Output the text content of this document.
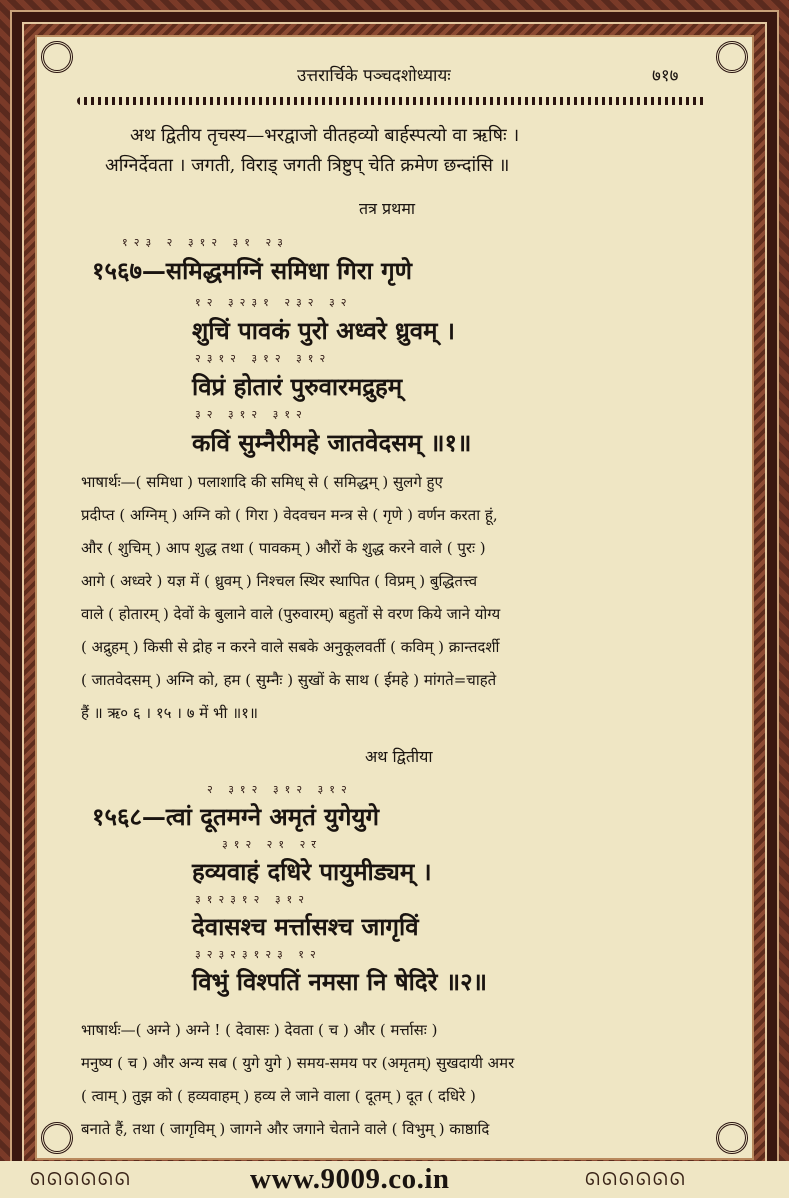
उत्तरार्चिके पञ्चदशोध्यायः	७१७
अथ द्वितीय तृचस्य—भरद्वाजो वीतहव्यो बार्हस्पत्यो वा ऋषिः ।
अग्निर्देवता । जगती, विराड् जगती त्रिष्टुप् चेति क्रमेण छन्दांसि ॥
तत्र प्रथमा
१२३ २ ३१२ ३१ २३
१५६७—समिद्धमग्निं समिधा गिरा गृणे
१२ ३२३१ २३२ ३२
शुचिं पावकं पुरो अध्वरे ध्रुवम् ।
२३१२ ३१२ ३१२
विप्रं होतारं पुरुवारमद्रुहम्
३२ ३१२ ३१२
कविं सुम्नैरीमहे जातवेदसम् ॥१॥
भाषार्थः—( समिधा ) पलाशादि की समिध् से ( समिद्धम् ) सुलगे हुए
प्रदीप्त ( अग्निम् ) अग्नि को ( गिरा ) वेदवचन मन्त्र से ( गृणे ) वर्णन करता हूं,
और ( शुचिम् ) आप शुद्ध तथा ( पावकम् ) औरों के शुद्ध करने वाले ( पुरः )
आगे ( अध्वरे ) यज्ञ में ( ध्रुवम् ) निश्चल स्थिर स्थापित ( विप्रम् ) बुद्धितत्त्व
वाले ( होतारम् ) देवों के बुलाने वाले (पुरुवारम्) बहुतों से वरण किये जाने योग्य
( अद्रुहम् ) किसी से द्रोह न करने वाले सबके अनुकूलवर्ती ( कविम् ) क्रान्तदर्शी
( जातवेदसम् ) अग्नि को, हम ( सुम्नैः ) सुखों के साथ ( ईमहे ) मांगते=चाहते
हैं ॥ ऋ० ६ । १५ । ७ में भी ॥१॥
अथ द्वितीया
२ ३१२ ३१२ ३१२
१५६८—त्वां दूतमग्ने अमृतं युगेयुगे
३१२ २१ २र
हव्यवाहं दधिरे पायुमीड्यम् ।
३१२३१२ ३१२
देवासश्च मर्त्तासश्च जागृविं
३२३२३१२३ १२
विभुं विश्पतिं नमसा नि षेदिरे ॥२॥
भाषार्थः—( अग्ने ) अग्ने ! ( देवासः ) देवता ( च ) और ( मर्त्तासः )
मनुष्य ( च ) और अन्य सब ( युगे युगे ) समय-समय पर (अमृतम्) सुखदायी अमर
( त्वाम् ) तुझ को ( हव्यवाहम् ) हव्य ले जाने वाला ( दूतम् ) दूत ( दधिरे )
बनाते हैं, तथा ( जागृविम् ) जागने और जगाने चेताने वाले ( विभुम् ) काष्ठादि
ᘏᘏᘏᘏᘏᘏ	www.9009.co.in	ᘏᘏᘏᘏᘏᘏ
